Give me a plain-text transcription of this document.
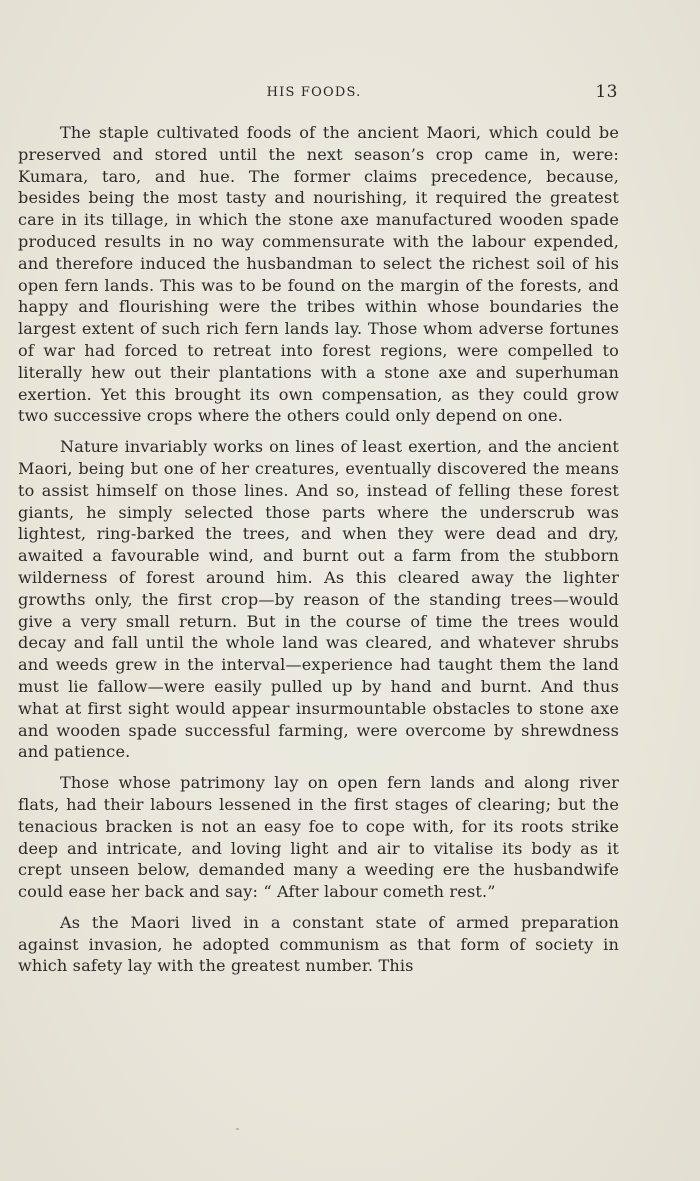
HIS FOODS.	13

The staple cultivated foods of the ancient Maori, which could be preserved and stored until the next season’s crop came in, were: Kumara, taro, and hue. The former claims precedence, because, besides being the most tasty and nourishing, it required the greatest care in its tillage, in which the stone axe manufactured wooden spade produced results in no way commensurate with the labour expended, and therefore induced the husbandman to select the richest soil of his open fern lands. This was to be found on the margin of the forests, and happy and flourishing were the tribes within whose boundaries the largest extent of such rich fern lands lay. Those whom adverse fortunes of war had forced to retreat into forest regions, were compelled to literally hew out their plantations with a stone axe and superhuman exertion. Yet this brought its own compensation, as they could grow two successive crops where the others could only depend on one.

Nature invariably works on lines of least exertion, and the ancient Maori, being but one of her creatures, eventually discovered the means to assist himself on those lines. And so, instead of felling these forest giants, he simply selected those parts where the underscrub was lightest, ring-barked the trees, and when they were dead and dry, awaited a favourable wind, and burnt out a farm from the stubborn wilderness of forest around him. As this cleared away the lighter growths only, the first crop—by reason of the standing trees—would give a very small return. But in the course of time the trees would decay and fall until the whole land was cleared, and whatever shrubs and weeds grew in the interval—experience had taught them the land must lie fallow—were easily pulled up by hand and burnt. And thus what at first sight would appear insurmountable obstacles to stone axe and wooden spade successful farming, were overcome by shrewdness and patience.

Those whose patrimony lay on open fern lands and along river flats, had their labours lessened in the first stages of clearing; but the tenacious bracken is not an easy foe to cope with, for its roots strike deep and intricate, and loving light and air to vitalise its body as it crept unseen below, demanded many a weeding ere the husbandwife could ease her back and say: “ After labour cometh rest.”

As the Maori lived in a constant state of armed preparation against invasion, he adopted communism as that form of society in which safety lay with the greatest number. This
